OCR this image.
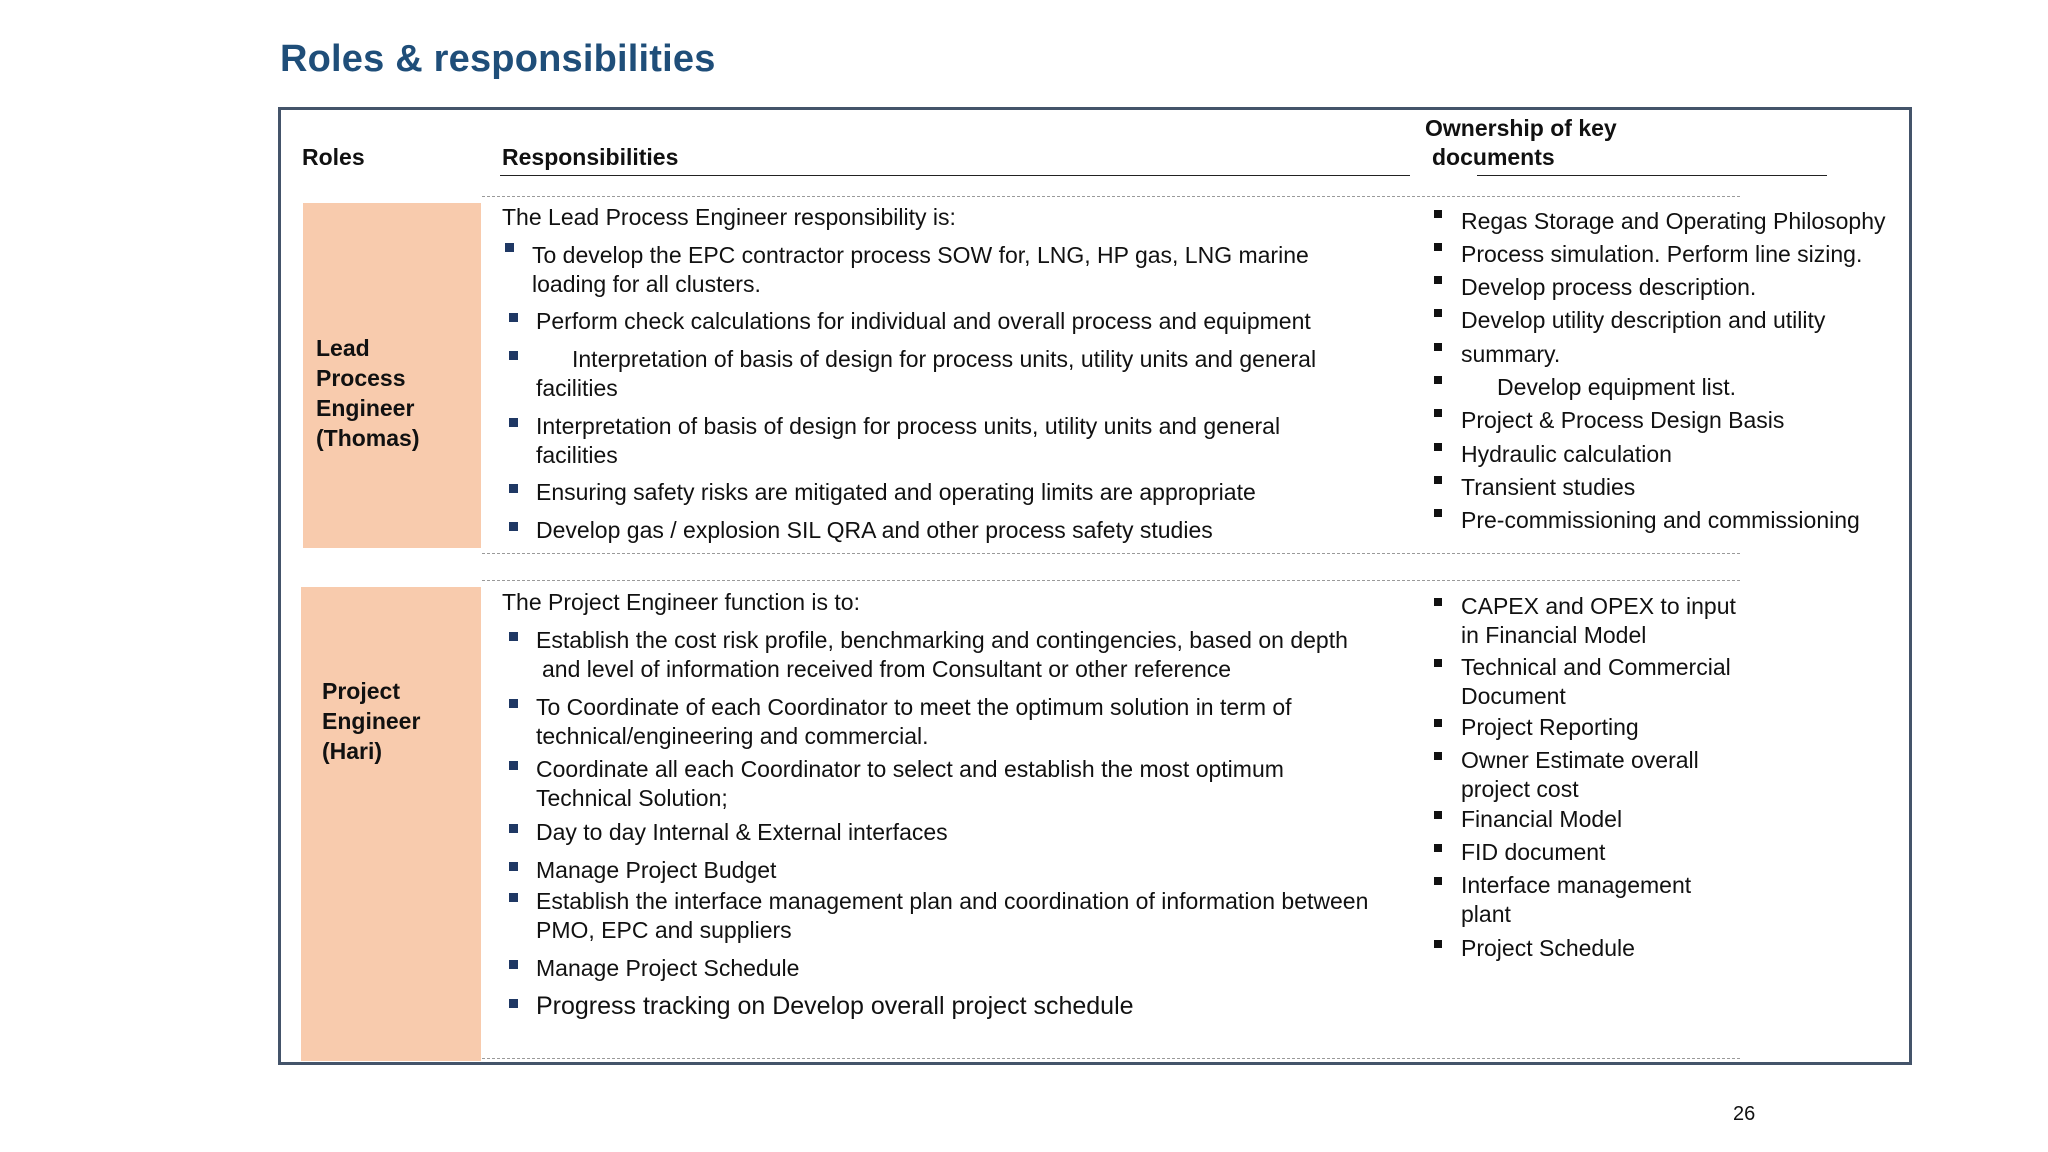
Roles & responsibilities
Roles	Responsibilities
Ownership of key
documents
Lead
Process
Engineer
(Thomas)
The Lead Process Engineer responsibility is:
To develop the EPC contractor process SOW for, LNG, HP gas, LNG marine
loading for all clusters.
Perform check calculations for individual and overall process and equipment
Interpretation of basis of design for process units, utility units and general
facilities
Interpretation of basis of design for process units, utility units and general
facilities
Ensuring safety risks are mitigated and operating limits are appropriate
Develop gas / explosion SIL QRA and other process safety studies
Regas Storage and Operating Philosophy
Process simulation. Perform line sizing.
Develop process description.
Develop utility description and utility
summary.
Develop equipment list.
Project & Process Design Basis
Hydraulic calculation
Transient studies
Pre-commissioning and commissioning
Project
Engineer
(Hari)
The Project Engineer function is to:
Establish the cost risk profile, benchmarking and contingencies, based on depth
and level of information received from Consultant or other reference
To Coordinate of each Coordinator to meet the optimum solution in term of
technical/engineering and commercial.
Coordinate all each Coordinator to select and establish the most optimum
Technical Solution;
Day to day Internal & External interfaces
Manage Project Budget
Establish the interface management plan and coordination of information between
PMO, EPC and suppliers
Manage Project Schedule
Progress tracking on Develop overall project schedule
CAPEX and OPEX to input
in Financial Model
Technical and Commercial
Document
Project Reporting
Owner Estimate overall
project cost
Financial Model
FID document
Interface management
plant
Project Schedule
26
